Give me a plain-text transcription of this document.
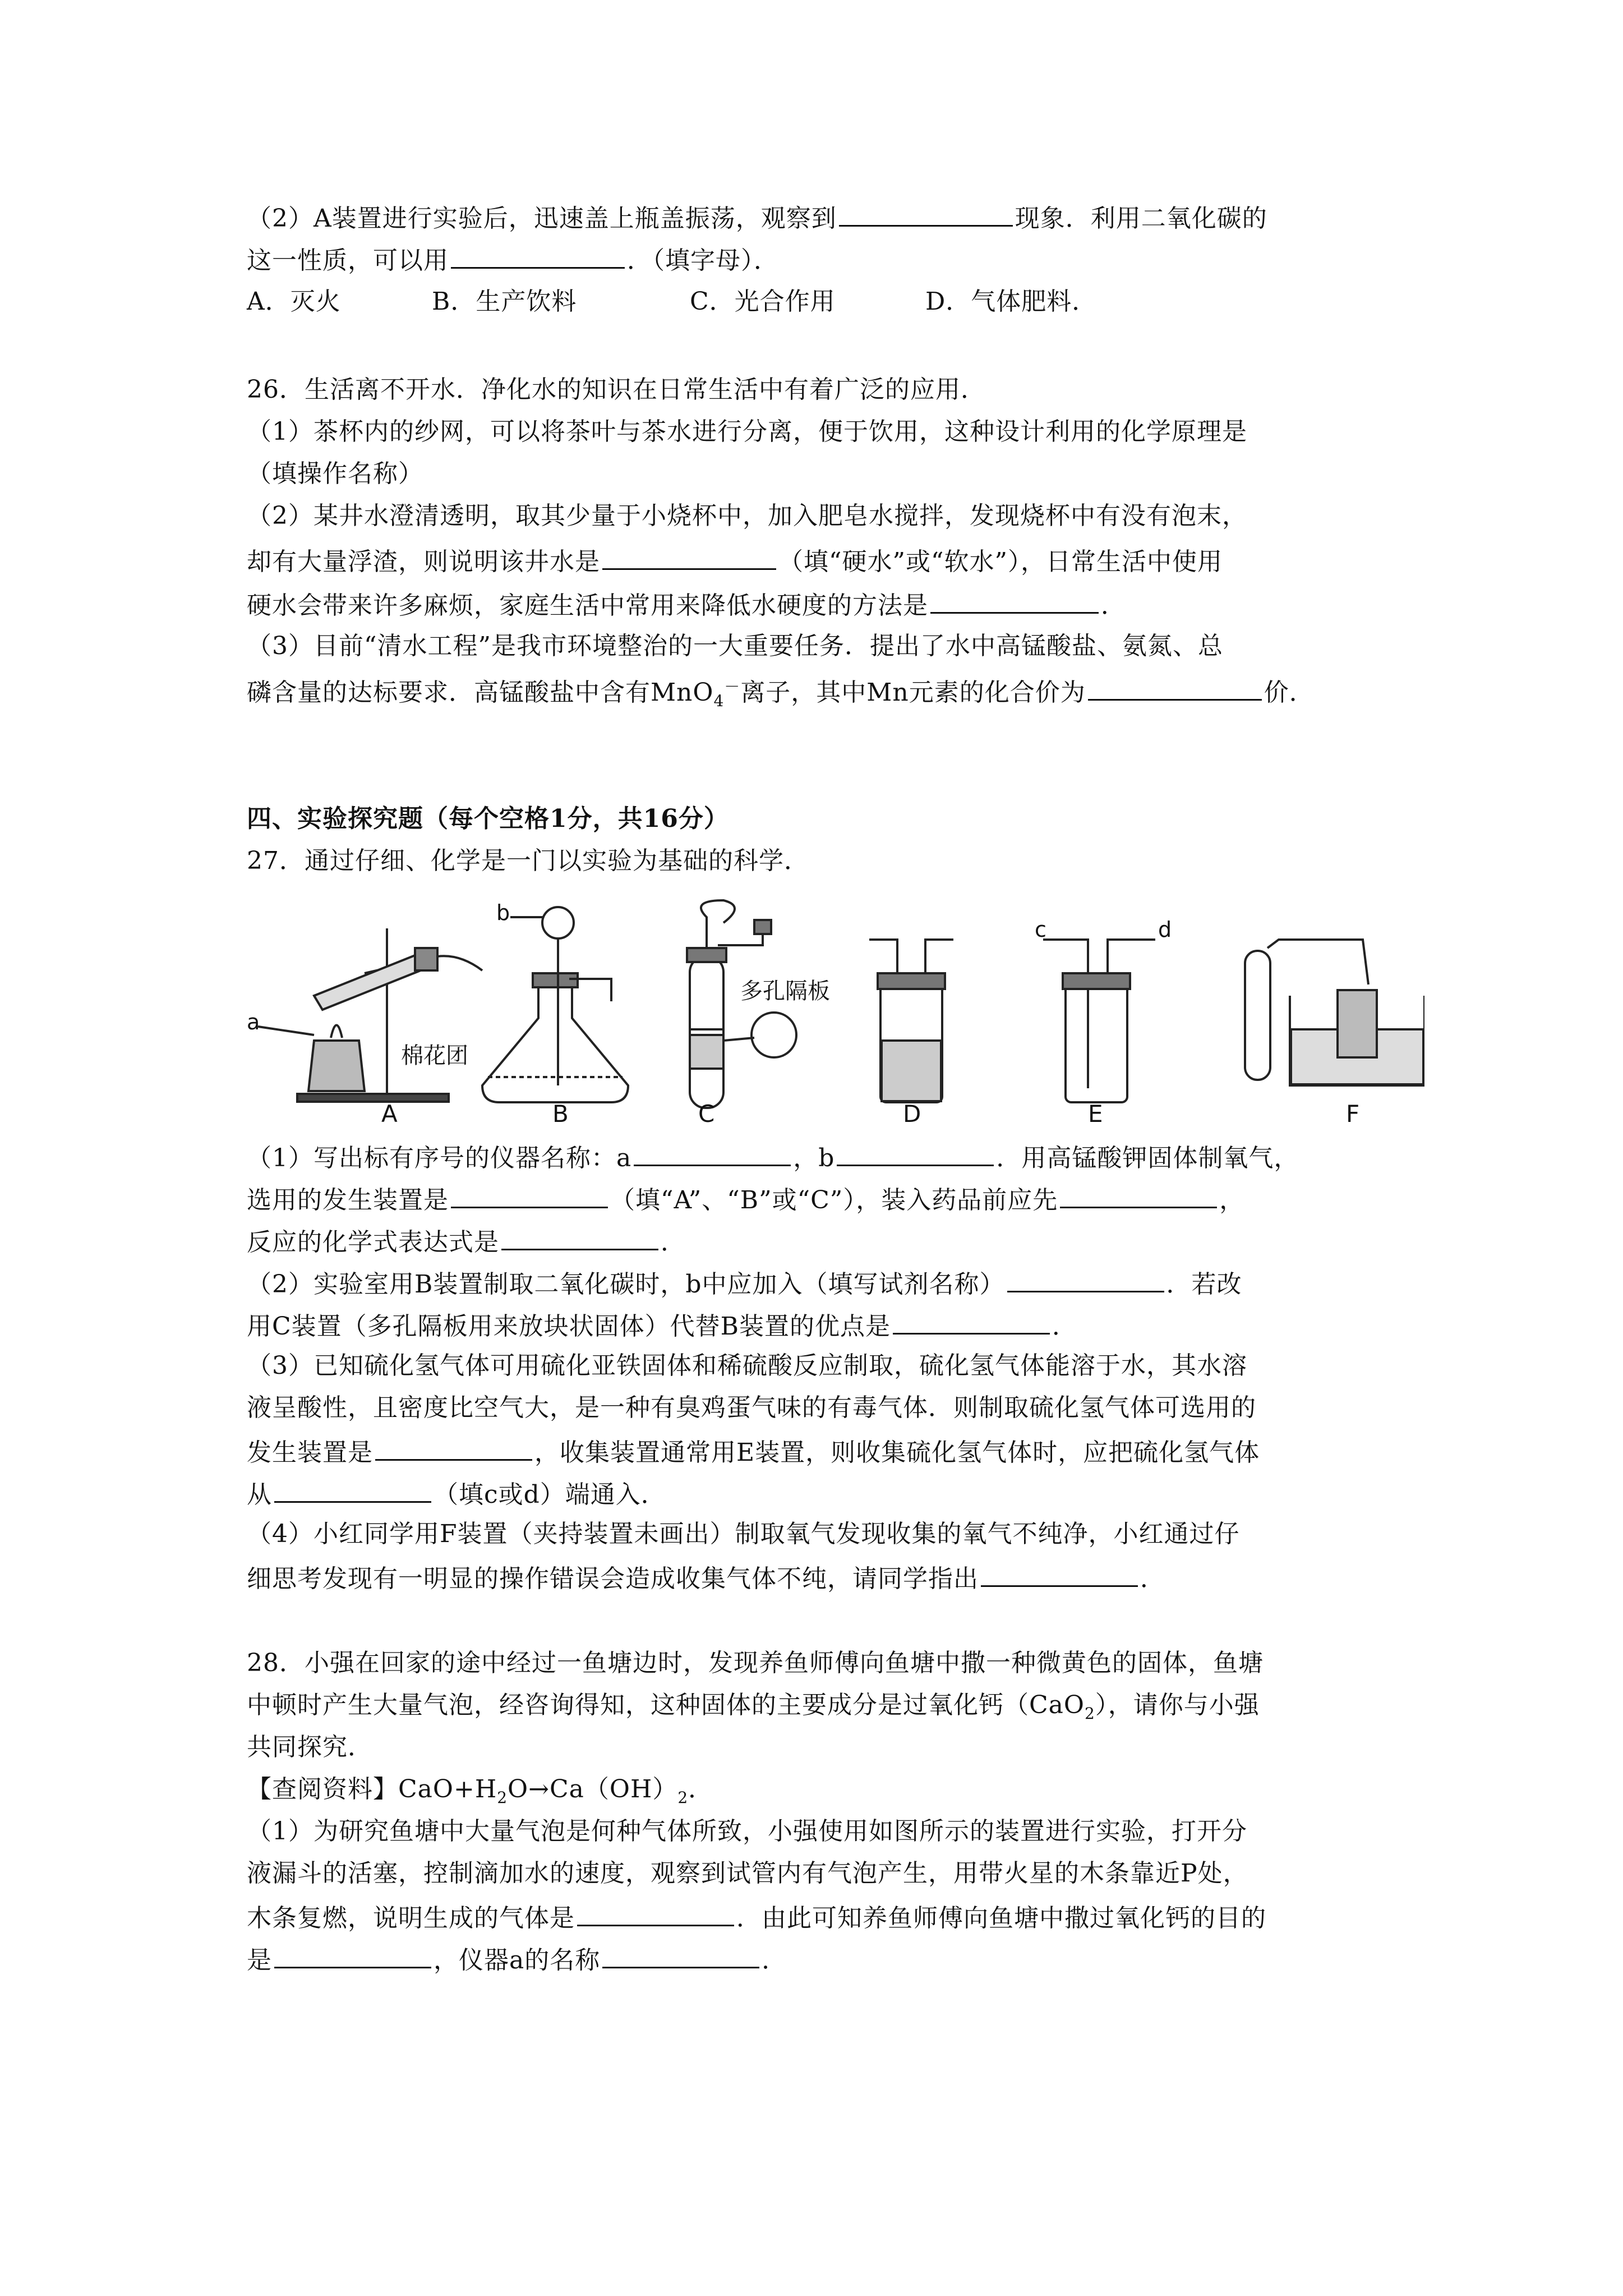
（2）A装置进行实验后，迅速盖上瓶盖振荡，观察到	现象．利用二氧化碳的
这一性质，可以用	．（填字母）．
A．灭火	B．生产饮料	C．光合作用	D．气体肥料．
26．生活离不开水．净化水的知识在日常生活中有着广泛的应用．
（1）茶杯内的纱网，可以将茶叶与茶水进行分离，便于饮用，这种设计利用的化学原理是
（填操作名称）
（2）某井水澄清透明，取其少量于小烧杯中，加入肥皂水搅拌，发现烧杯中有没有泡末，
却有大量浮渣，则说明该井水是	（填“硬水”或“软水”），日常生活中使用
硬水会带来许多麻烦，家庭生活中常用来降低水硬度的方法是	．
（3）目前“清水工程”是我市环境整治的一大重要任务．提出了水中高锰酸盐、氨氮、总
磷含量的达标要求．高锰酸盐中含有MnO$_4$－离子，其中Mn元素的化合价为	价．
四、实验探究题（每个空格1分，共16分）
27．通过仔细、化学是一门以实验为基础的科学．
A	B	C	D	E	F
a
b
c	d
棉花团
多孔隔板
（1）写出标有序号的仪器名称：a	，b	．用高锰酸钾固体制氧气，
选用的发生装置是	（填“A”、“B”或“C”），装入药品前应先	，
反应的化学式表达式是	．
（2）实验室用B装置制取二氧化碳时，b中应加入（填写试剂名称）	．若改
用C装置（多孔隔板用来放块状固体）代替B装置的优点是	．
（3）已知硫化氢气体可用硫化亚铁固体和稀硫酸反应制取，硫化氢气体能溶于水，其水溶
液呈酸性，且密度比空气大，是一种有臭鸡蛋气味的有毒气体．则制取硫化氢气体可选用的
发生装置是	，收集装置通常用E装置，则收集硫化氢气体时，应把硫化氢气体
从	（填c或d）端通入．
（4）小红同学用F装置（夹持装置未画出）制取氧气发现收集的氧气不纯净，小红通过仔
细思考发现有一明显的操作错误会造成收集气体不纯，请同学指出	．
28．小强在回家的途中经过一鱼塘边时，发现养鱼师傅向鱼塘中撒一种微黄色的固体，鱼塘
中顿时产生大量气泡，经咨询得知，这种固体的主要成分是过氧化钙（CaO$_2$），请你与小强
共同探究．
【查阅资料】$CaO+H_2O\to Ca(OH)_2$．
（1）为研究鱼塘中大量气泡是何种气体所致，小强使用如图所示的装置进行实验，打开分
液漏斗的活塞，控制滴加水的速度，观察到试管内有气泡产生，用带火星的木条靠近P处，
木条复燃，说明生成的气体是	．由此可知养鱼师傅向鱼塘中撒过氧化钙的目的
是	，仪器a的名称	．
